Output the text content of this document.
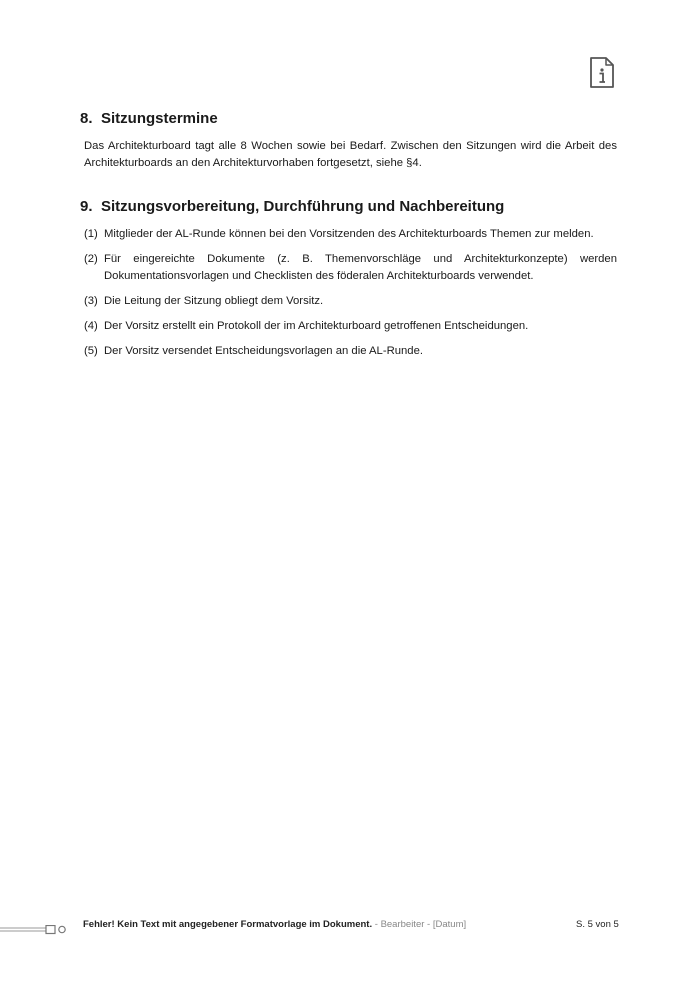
8. Sitzungstermine

Das Architekturboard tagt alle 8 Wochen sowie bei Bedarf. Zwischen den Sitzungen wird die Arbeit des Architekturboards an den Architekturvorhaben fortgesetzt, siehe §4.

9. Sitzungsvorbereitung, Durchführung und Nachbereitung
(1) Mitglieder der AL-Runde können bei den Vorsitzenden des Architekturboards Themen zur melden.
(2) Für eingereichte Dokumente (z. B. Themenvorschläge und Architekturkonzepte) werden Dokumentationsvorlagen und Checklisten des föderalen Architekturboards verwendet.
(3) Die Leitung der Sitzung obliegt dem Vorsitz.
(4) Der Vorsitz erstellt ein Protokoll der im Architekturboard getroffenen Entscheidungen.
(5) Der Vorsitz versendet Entscheidungsvorlagen an die AL-Runde.
Fehler! Kein Text mit angegebener Formatvorlage im Dokument. - Bearbeiter - [Datum]	S. 5 von 5
